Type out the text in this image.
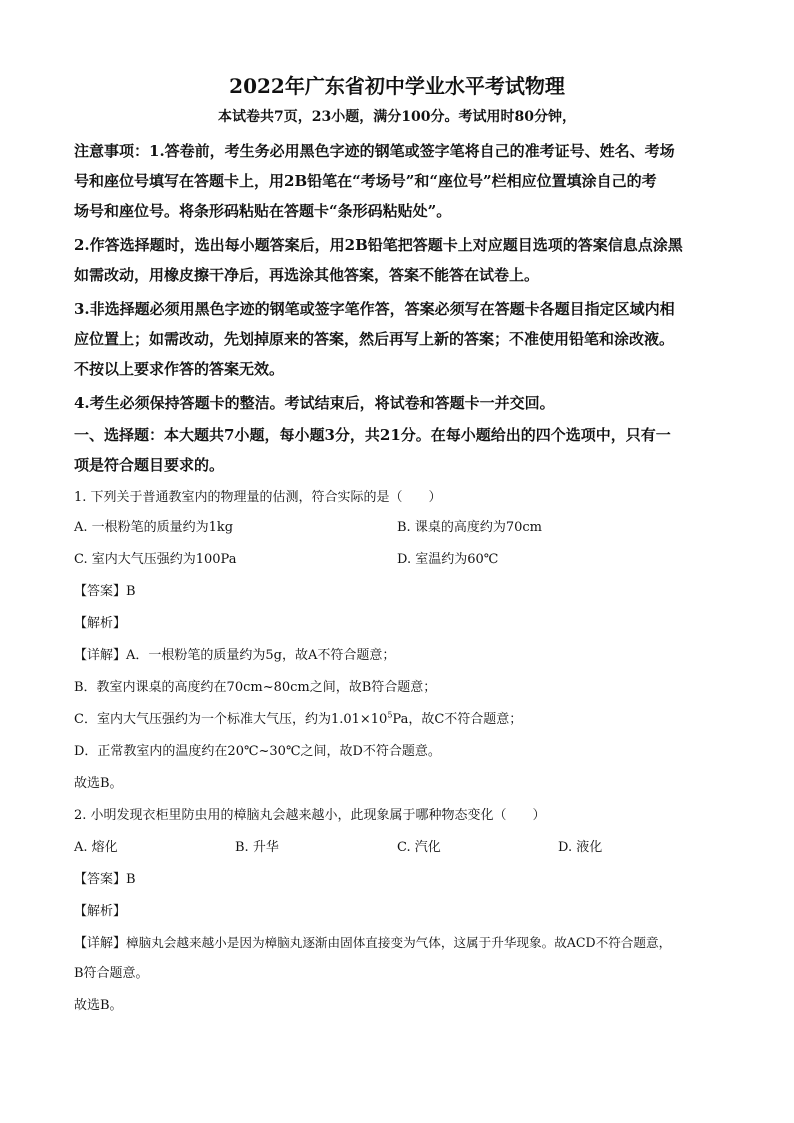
2022年广东省初中学业水平考试物理
本试卷共7页，23小题，满分100分。考试用时80分钟，
注意事项：1.答卷前，考生务必用黑色字迹的钢笔或签字笔将自己的准考证号、姓名、考场
号和座位号填写在答题卡上，用2B铅笔在“考场号”和“座位号”栏相应位置填涂自己的考
场号和座位号。将条形码粘贴在答题卡“条形码粘贴处”。
2.作答选择题时，选出每小题答案后，用2B铅笔把答题卡上对应题目选项的答案信息点涂黑
如需改动，用橡皮擦干净后，再选涂其他答案，答案不能答在试卷上。
3.非选择题必须用黑色字迹的钢笔或签字笔作答，答案必须写在答题卡各题目指定区域内相
应位置上；如需改动，先划掉原来的答案，然后再写上新的答案；不准使用铅笔和涂改液。
不按以上要求作答的答案无效。
4.考生必须保持答题卡的整洁。考试结束后，将试卷和答题卡一并交回。
一、选择题：本大题共7小题，每小题3分，共21分。在每小题给出的四个选项中，只有一
项是符合题目要求的。
1. 下列关于普通教室内的物理量的估测，符合实际的是（　　）
A. 一根粉笔的质量约为1kg	B. 课桌的高度约为70cm
C. 室内大气压强约为100Pa	D. 室温约为60℃
【答案】B
【解析】
【详解】A．一根粉笔的质量约为5g，故A不符合题意；
B．教室内课桌的高度约在70cm~80cm之间，故B符合题意；
C．室内大气压强约为一个标准大气压，约为$1.01\times 10^5Pa$，故C不符合题意；
D．正常教室内的温度约在20℃~30℃之间，故D不符合题意。
故选B。
2. 小明发现衣柜里防虫用的樟脑丸会越来越小，此现象属于哪种物态变化（　　）
A. 熔化	B. 升华	C. 汽化	D. 液化
【答案】B
【解析】
【详解】樟脑丸会越来越小是因为樟脑丸逐渐由固体直接变为气体，这属于升华现象。故ACD不符合题意，
B符合题意。
故选B。
